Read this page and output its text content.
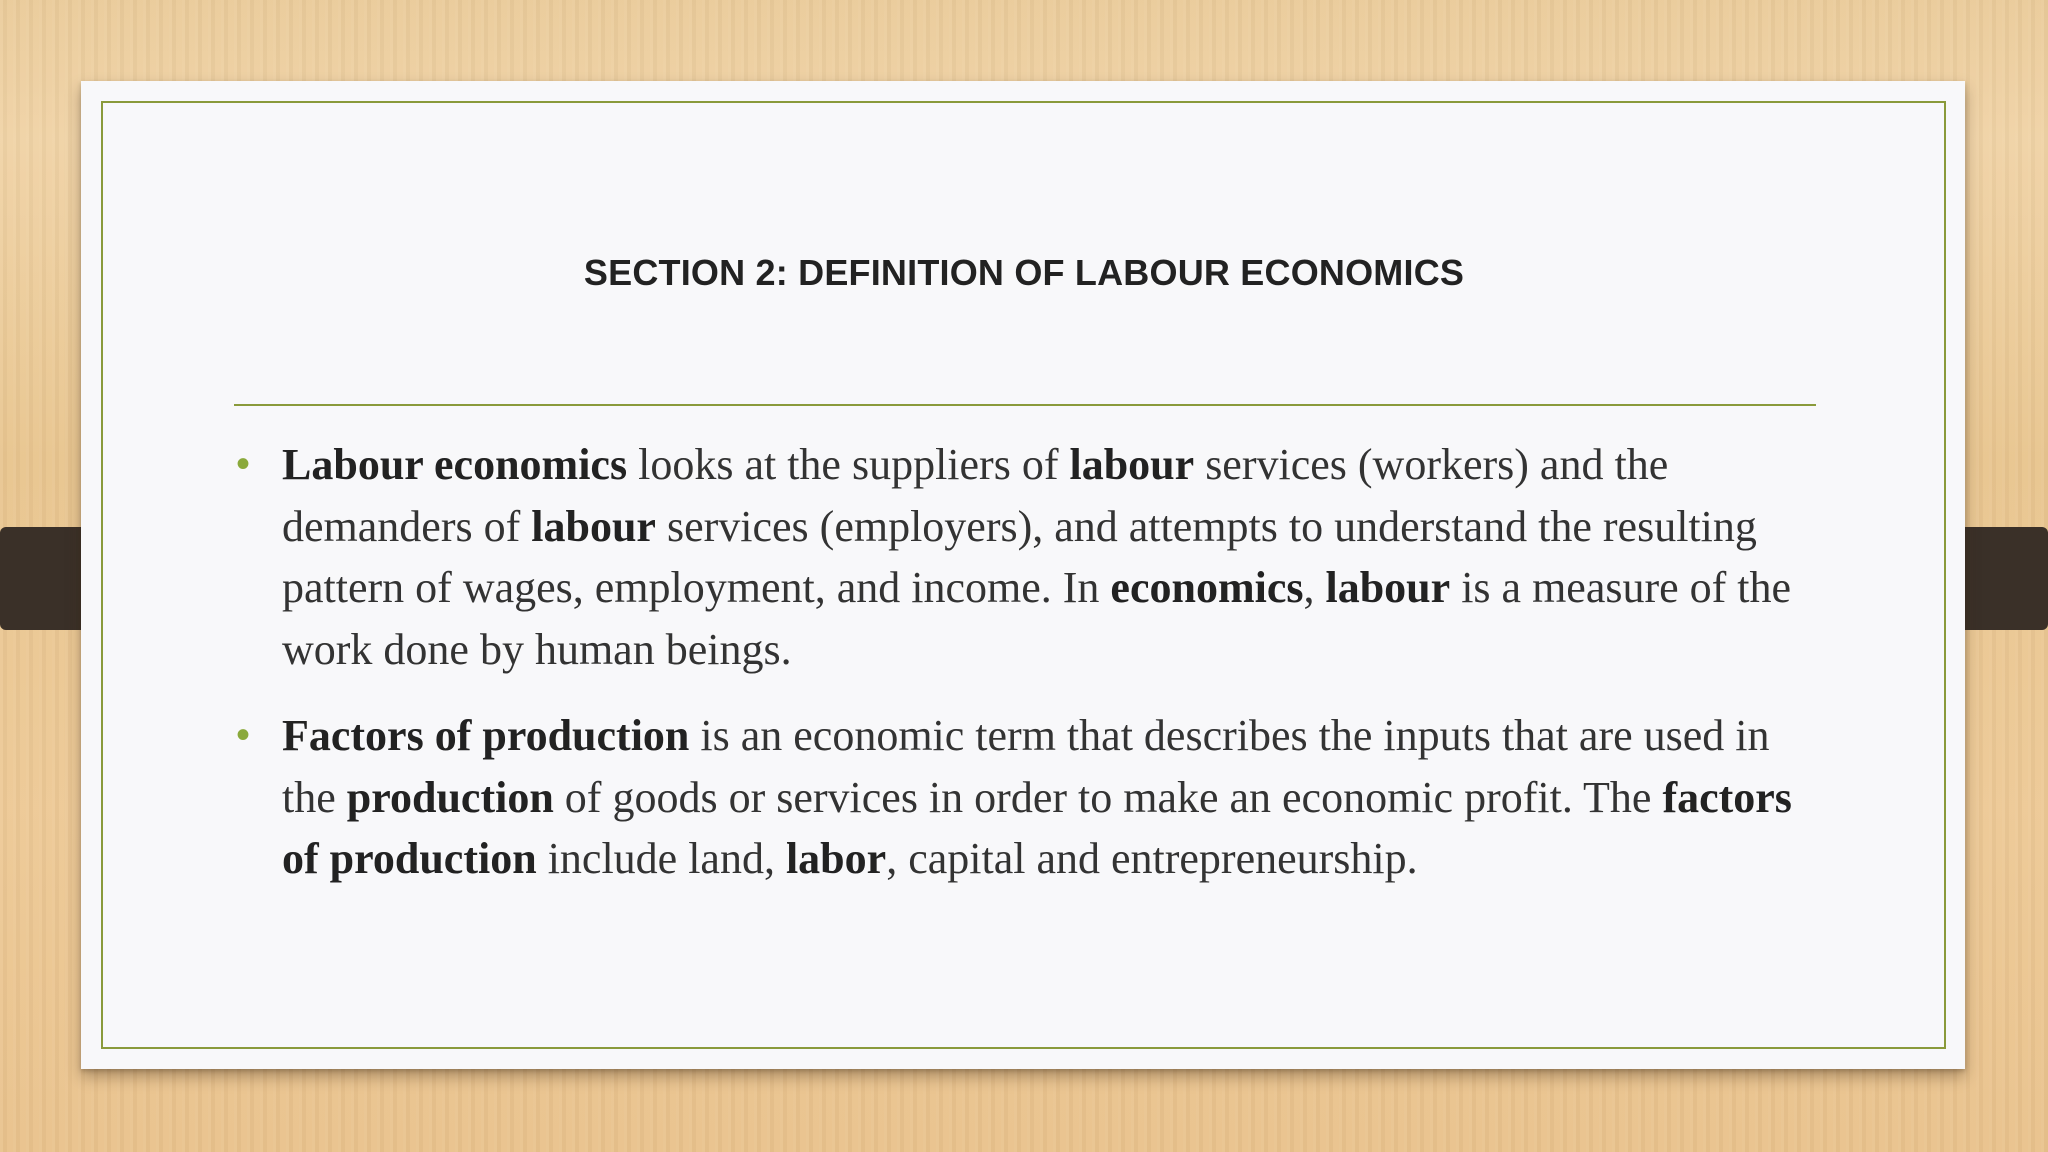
SECTION 2: DEFINITION OF LABOUR ECONOMICS
• Labour economics looks at the suppliers of labour services (workers) and the demanders of labour services (employers), and attempts to understand the resulting pattern of wages, employment, and income. In economics, labour is a measure of the work done by human beings.
• Factors of production is an economic term that describes the inputs that are used in the production of goods or services in order to make an economic profit. The factors of production include land, labor, capital and entrepreneurship.
